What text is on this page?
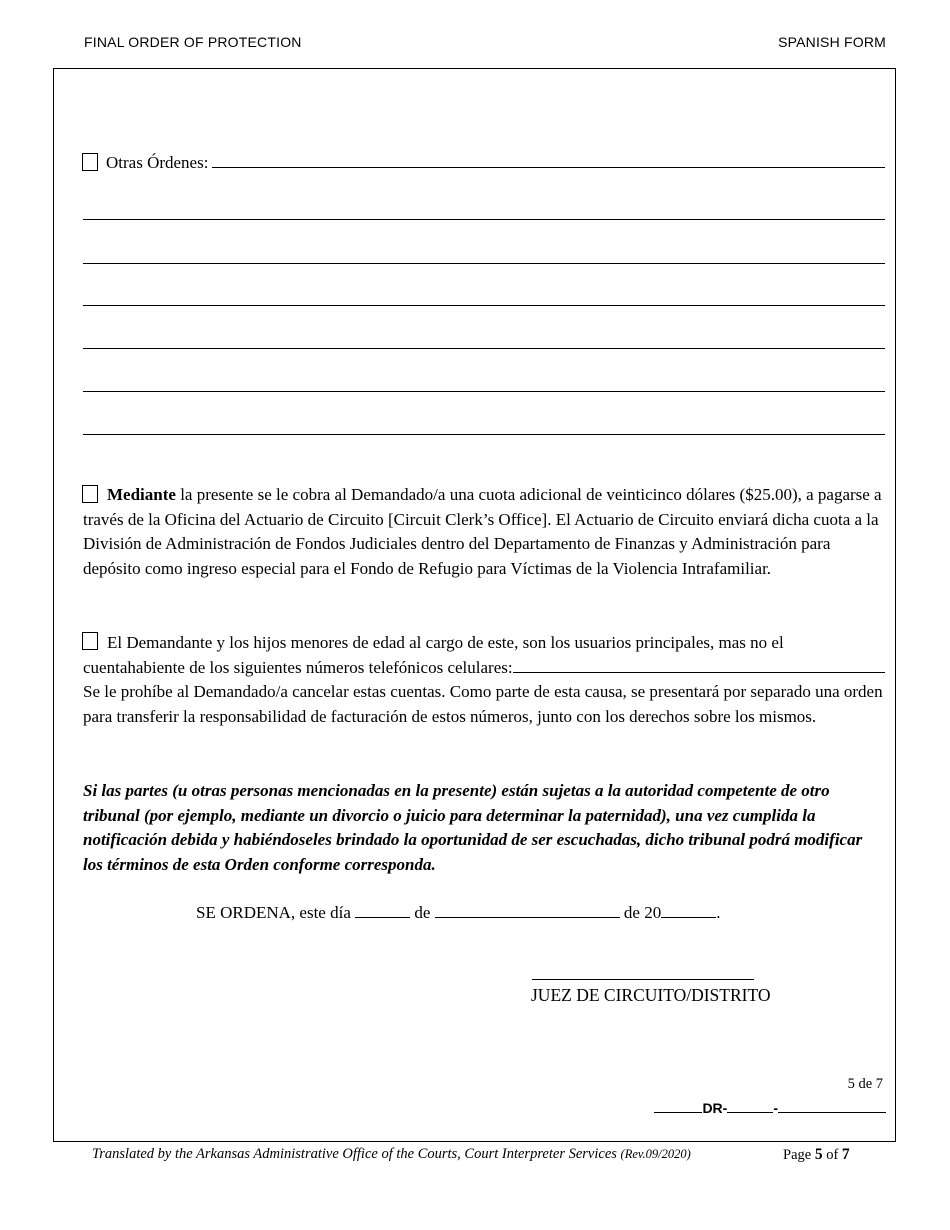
FINAL ORDER OF PROTECTION	SPANISH FORM
Otras Órdenes:
Mediante la presente se le cobra al Demandado/a una cuota adicional de veinticinco dólares ($25.00), a pagarse a través de la Oficina del Actuario de Circuito [Circuit Clerk’s Office]. El Actuario de Circuito enviará dicha cuota a la División de Administración de Fondos Judiciales dentro del Departamento de Finanzas y Administración para depósito como ingreso especial para el Fondo de Refugio para Víctimas de la Violencia Intrafamiliar.
El Demandante y los hijos menores de edad al cargo de este, son los usuarios principales, mas no el
cuentahabiente de los siguientes números telefónicos celulares:
Se le prohíbe al Demandado/a cancelar estas cuentas. Como parte de esta causa, se presentará por separado una orden para transferir la responsabilidad de facturación de estos números, junto con los derechos sobre los mismos.
Si las partes (u otras personas mencionadas en la presente) están sujetas a la autoridad competente de otro tribunal (por ejemplo, mediante un divorcio o juicio para determinar la paternidad), una vez cumplida la notificación debida y habiéndoseles brindado la oportunidad de ser escuchadas, dicho tribunal podrá modificar los términos de esta Orden conforme corresponda.
SE ORDENA, este día	de	de 20	.
JUEZ DE CIRCUITO/DISTRITO
5 de 7
DR-	-
Translated by the Arkansas Administrative Office of the Courts, Court Interpreter Services (Rev.09/2020)	Page 5 of 7
